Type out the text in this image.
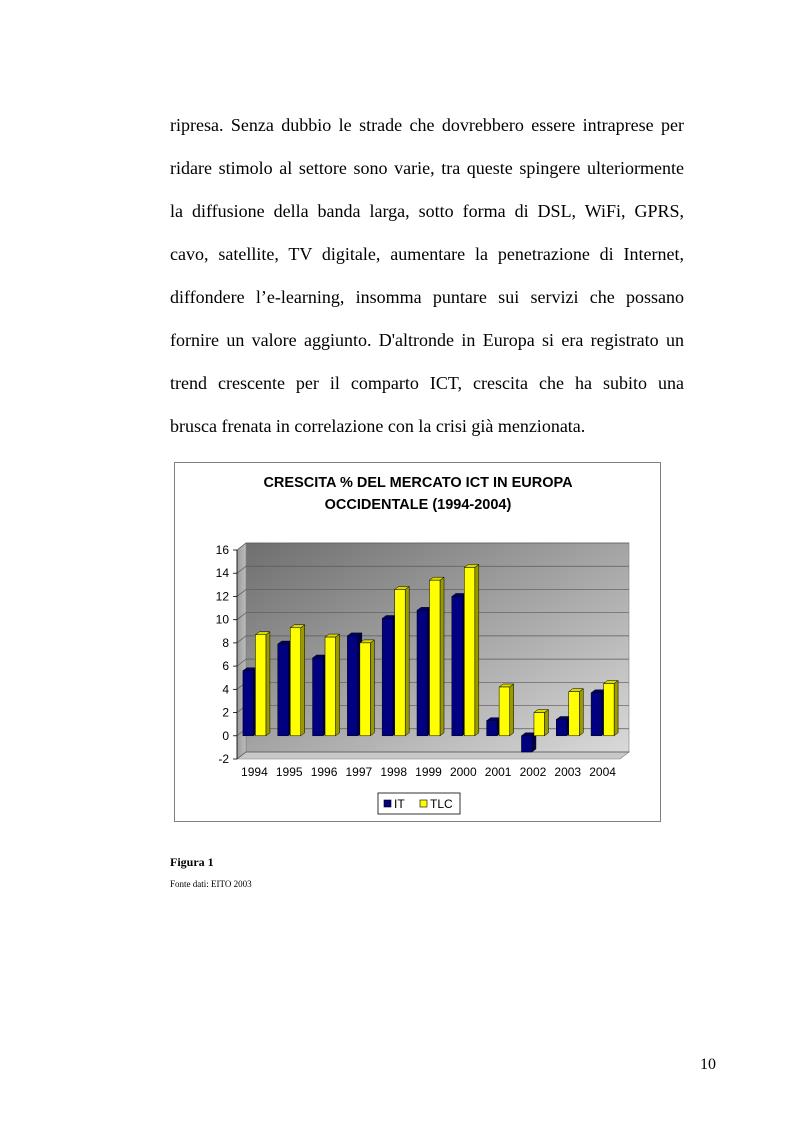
ripresa. Senza dubbio le strade che dovrebbero essere intraprese per
ridare stimolo al settore sono varie, tra queste spingere ulteriormente
la diffusione della banda larga, sotto forma di DSL, WiFi, GPRS,
cavo, satellite, TV digitale, aumentare la penetrazione di Internet,
diffondere l’e-learning, insomma puntare sui servizi che possano
fornire un valore aggiunto. D'altronde in Europa si era registrato un
trend crescente per il comparto ICT, crescita che ha subito una
brusca frenata in correlazione con la crisi già menzionata.
CRESCITA % DEL MERCATO ICT IN EUROPA
OCCIDENTALE (1994-2004)
16
14
12
10
8
6
4
2
0
-2
1994 1995 1996 1997 1998 1999 2000 2001 2002 2003 2004
IT TLC

Figura 1

Fonte dati: EITO 2003

10
